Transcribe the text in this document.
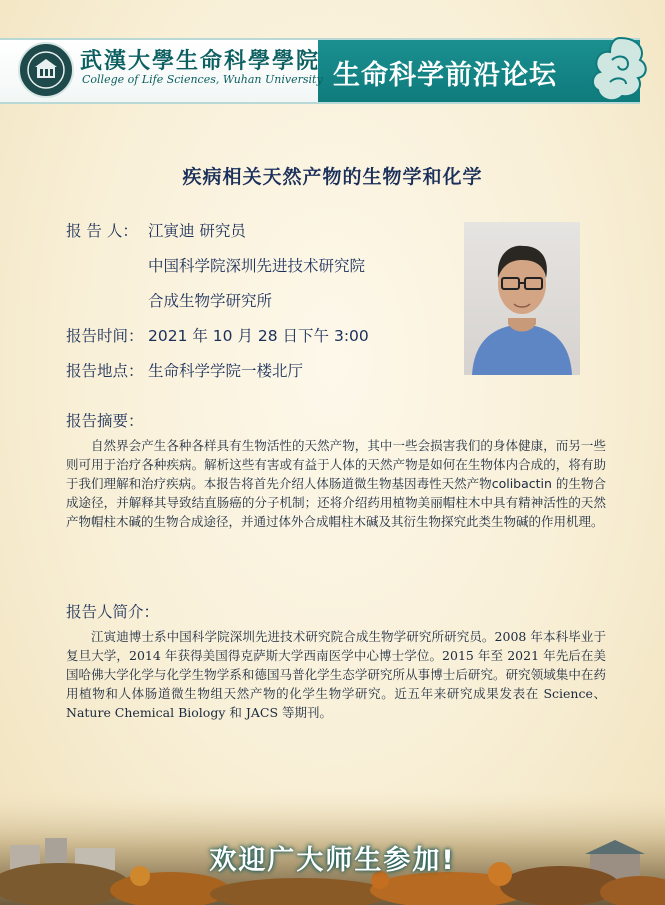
武漢大學生命科學學院
College of Life Sciences, Wuhan University 生命科学前沿论坛
疾病相关天然产物的生物学和化学
报 告 人： 江寅迪 研究员
中国科学院深圳先进技术研究院
合成生物学研究所
报告时间： 2021 年 10 月 28 日下午 3:00
报告地点： 生命科学学院一楼北厅
报告摘要：
自然界会产生各种各样具有生物活性的天然产物，其中一些会损害我们的身体健康，而另一些则可用于治疗各种疾病。解析这些有害或有益于人体的天然产物是如何在生物体内合成的，将有助于我们理解和治疗疾病。本报告将首先介绍人体肠道微生物基因毒性天然产物colibactin 的生物合成途径，并解释其导致结直肠癌的分子机制；还将介绍药用植物美丽帽柱木中具有精神活性的天然产物帽柱木碱的生物合成途径，并通过体外合成帽柱木碱及其衍生物探究此类生物碱的作用机理。
报告人简介：
江寅迪博士系中国科学院深圳先进技术研究院合成生物学研究所研究员。2008 年本科毕业于复旦大学，2014 年获得美国得克萨斯大学西南医学中心博士学位。2015 年至 2021 年先后在美国哈佛大学化学与化学生物学系和德国马普化学生态学研究所从事博士后研究。研究领域集中在药用植物和人体肠道微生物组天然产物的化学生物学研究。近五年来研究成果发表在 Science、Nature Chemical Biology 和 JACS 等期刊。
欢迎广大师生参加!
